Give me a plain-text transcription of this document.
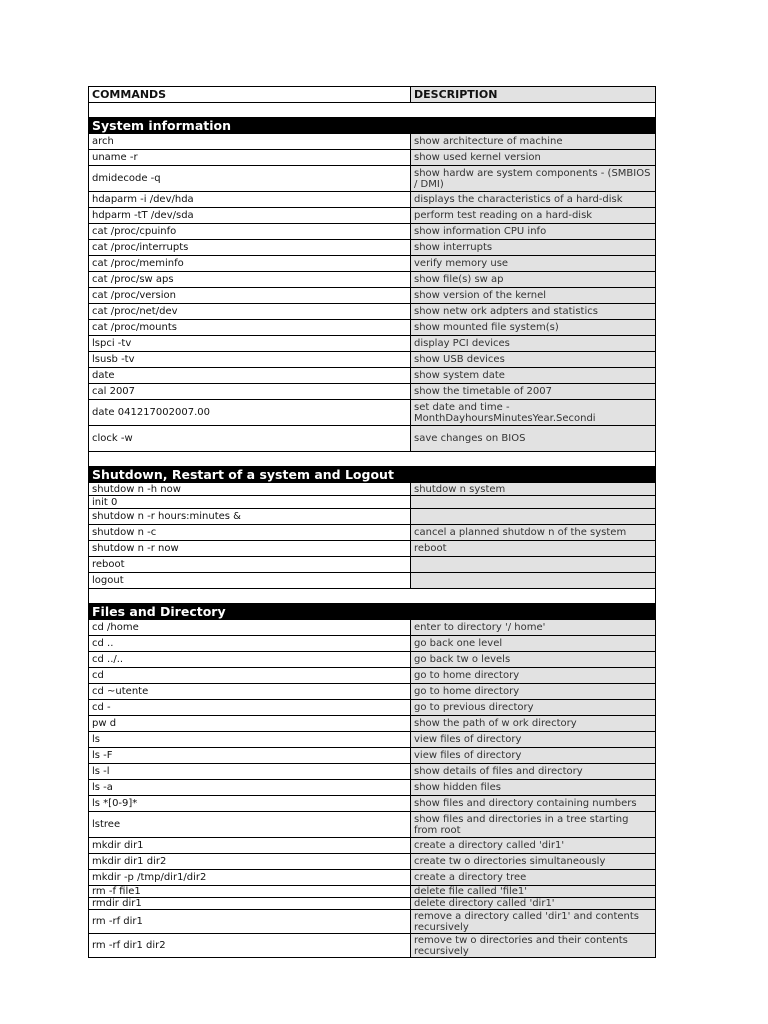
COMMANDS	DESCRIPTION

System information	
arch	show architecture of machine
uname -r	show used kernel version
dmidecode -q	show hardw are system components - (SMBIOS / DMI)
hdaparm -i /dev/hda	displays the characteristics of a hard-disk
hdparm -tT /dev/sda	perform test reading on a hard-disk
cat /proc/cpuinfo	show information CPU info
cat /proc/interrupts	show interrupts
cat /proc/meminfo	verify memory use
cat /proc/sw aps	show file(s) sw ap
cat /proc/version	show version of the kernel
cat /proc/net/dev	show netw ork adpters and statistics
cat /proc/mounts	show mounted file system(s)
lspci -tv	display PCI devices
lsusb -tv	show USB devices
date	show system date
cal 2007	show the timetable of 2007
date 041217002007.00	set date and time - MonthDayhoursMinutesYear.Secondi
clock -w	save changes on BIOS

Shutdown, Restart of a system and Logout	
shutdow n -h now	shutdow n system
init 0	
shutdow n -r hours:minutes &	
shutdow n -c	cancel a planned shutdow n of the system
shutdow n -r now	reboot
reboot	
logout	

Files and Directory	
cd /home	enter to directory '/ home'
cd ..	go back one level
cd ../..	go back tw o levels
cd	go to home directory
cd ~utente	go to home directory
cd -	go to previous directory
pw d	show the path of w ork directory
ls	view files of directory
ls -F	view files of directory
ls -l	show details of files and directory
ls -a	show hidden files
ls *[0-9]*	show files and directory containing numbers
lstree	show files and directories in a tree starting from root
mkdir dir1	create a directory called 'dir1'
mkdir dir1 dir2	create tw o directories simultaneously
mkdir -p /tmp/dir1/dir2	create a directory tree
rm -f file1	delete file called 'file1'
rmdir dir1	delete directory called 'dir1'
rm -rf dir1	remove a directory called 'dir1' and contents recursively
rm -rf dir1 dir2	remove tw o directories and their contents recursively
